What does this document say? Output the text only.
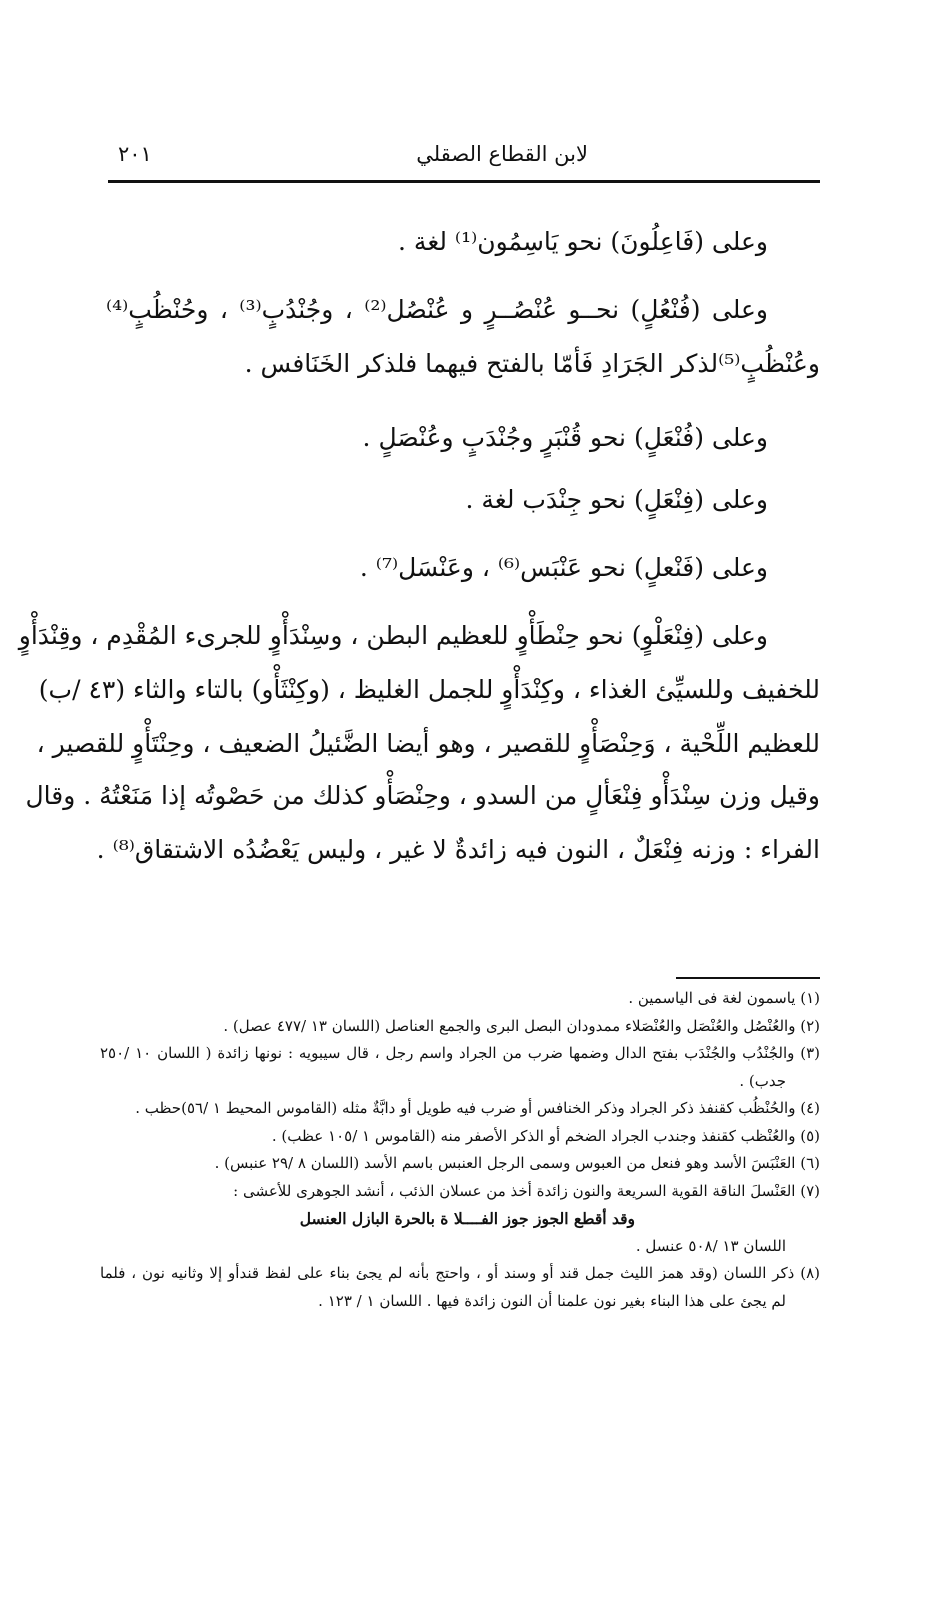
لابن القطاع الصقلي
٢٠١

وعلى (فَاعِلُونَ) نحو يَاسِمُون⁽¹⁾ لغة .

وعلى (فُنْعُلٍ) نحــو عُنْصُــرٍ و عُنْصُل⁽²⁾ ، وجُنْدُبٍ⁽³⁾ ، وحُنْظُبٍ⁽⁴⁾

وعُنْظُبٍ⁽⁵⁾لذكر الجَرَادِ فَأمّا بالفتح فيهما فلذكر الخَنَافس .

وعلى (فُنْعَلٍ) نحو قُنْبَرٍ وجُنْدَبٍ وعُنْصَلٍ .

وعلى (فِنْعَلٍ) نحو جِنْدَب لغة .

وعلى (فَنْعلٍ) نحو عَنْبَس⁽⁶⁾ ، وعَنْسَل⁽⁷⁾ .

وعلى (فِنْعَلْوٍ) نحو حِنْطَأْوٍ للعظيم البطن ، وسِنْدَأْوٍ للجرىء المُقْدِم ، وقِنْدَأْوٍ

للخفيف وللسيِّئ الغذاء ، وكِنْدَأْوٍ للجمل الغليظ ، (وكِنْثَأْو) بالتاء والثاء (٤٣ /ب)

للعظيم اللِّحْية ، وَحِنْصَأْوٍ للقصير ، وهو أيضا الضَّئيلُ الضعيف ، وحِنْتَأْوٍ للقصير ،

وقيل وزن سِنْدَأْو فِنْعَألٍ من السدو ، وحِنْصَأْو كذلك من حَصْوتُه إذا مَنَعْتُهُ . وقال

الفراء : وزنه فِنْعَلٌ ، النون فيه زائدةٌ لا غير ، وليس يَعْضُدُه الاشتقاق⁽⁸⁾ .

(١) ياسمون لغة فى الياسمين .

(٢) والعُنْصُل والعُنْصَل والعُنْصَلاء ممدودان البصل البرى والجمع العناصل (اللسان ١٣ /٤٧٧ عصل) .

(٣) والجُنْدُب والجُنْدَب بفتح الدال وضمها ضرب من الجراد واسم رجل ، قال سيبويه : نونها زائدة ( اللسان ١٠ /٢٥٠

جدب) .

(٤) والحُنْظُب كقنفذ ذكر الجراد وذكر الخنافس أو ضرب فيه طويل أو دابَّةٌ مثله (القاموس المحيط ١ /٥٦)حظب .

(٥) والعُنْظب كقنفذ وجندب الجراد الضخم أو الذكر الأصفر منه (القاموس ١ /١٠٥ عظب) .

(٦) العَنْبَسَ الأسد وهو فنعل من العبوس وسمى الرجل العنبس باسم الأسد (اللسان ٨ /٢٩ عنبس) .

(٧) العَنْسلَ الناقة القوية السريعة والنون زائدة أخذ من عسلان الذئب ، أنشد الجوهرى للأعشى :

وقد أقطع الجوز جوز الفــــلا ة بالحرة البازل العنسل

اللسان ١٣ /٥٠٨ عنسل .

(٨) ذكر اللسان (وقد همز الليث جمل قند أو وسند أو ، واحتج بأنه لم يجئ بناء على لفظ قندأو إلا وثانيه نون ، فلما

لم يجئ على هذا البناء بغير نون علمنا أن النون زائدة فيها . اللسان ١ / ١٢٣ .
